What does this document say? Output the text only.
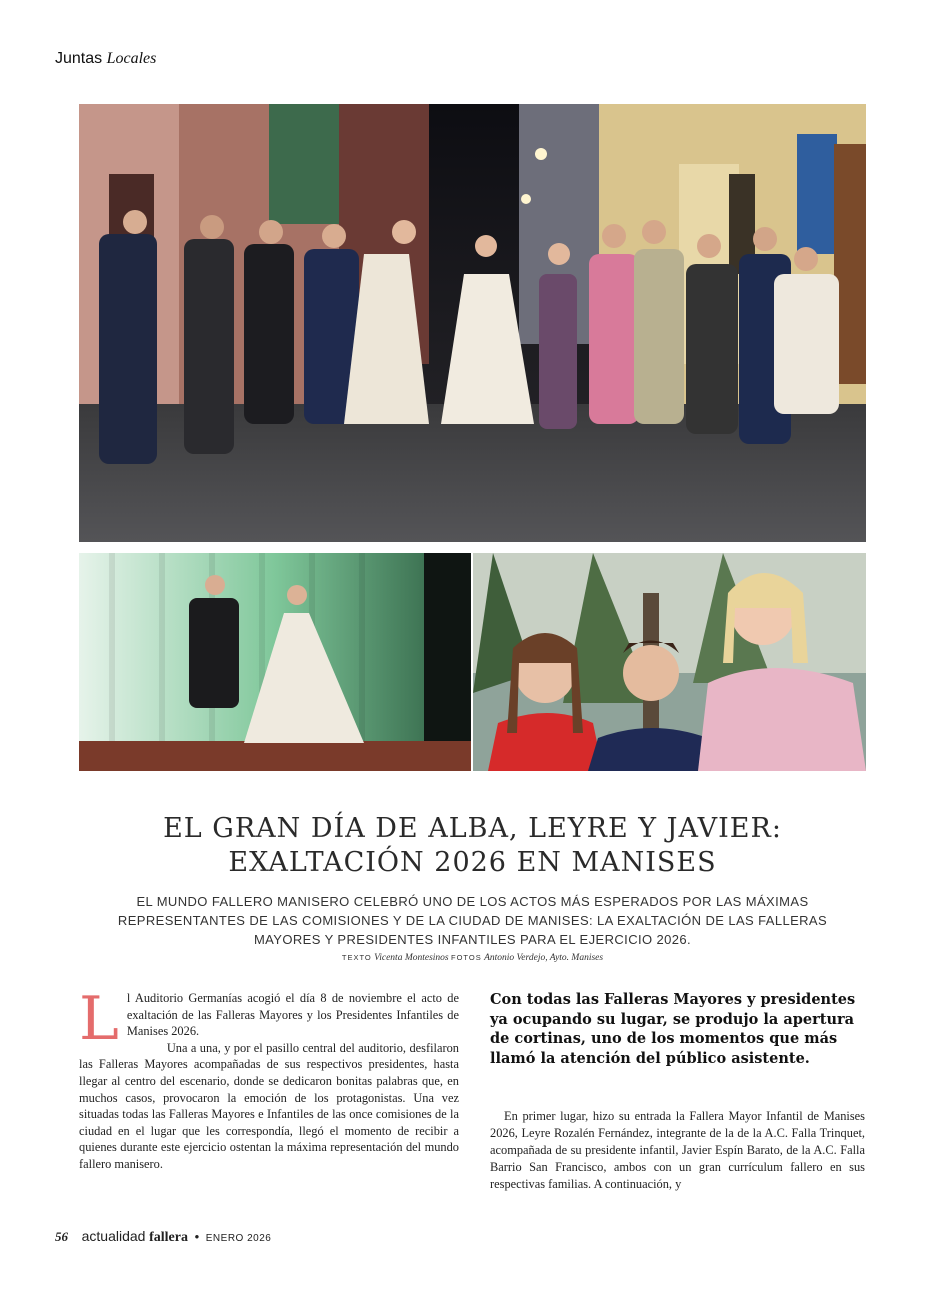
Juntas Locales
EL GRAN DÍA DE ALBA, LEYRE Y JAVIER:
EXALTACIÓN 2026 EN MANISES
EL MUNDO FALLERO MANISERO CELEBRÓ UNO DE LOS ACTOS MÁS ESPERADOS POR LAS MÁXIMAS REPRESENTANTES DE LAS COMISIONES Y DE LA CIUDAD DE MANISES: LA EXALTACIÓN DE LAS FALLERAS MAYORES Y PRESIDENTES INFANTILES PARA EL EJERCICIO 2026.
TEXTO Vicenta Montesinos FOTOS Antonio Verdejo, Ayto. Manises
L l Auditorio Germanías acogió el día 8 de noviembre el acto de exaltación de las Falleras Mayores y los Presidentes Infantiles de Manises 2026.

Una a una, y por el pasillo central del auditorio, desfilaron las Falleras Mayores acompañadas de sus respectivos presidentes, hasta llegar al centro del escenario, donde se dedicaron bonitas palabras que, en muchos casos, provocaron la emoción de los protagonistas. Una vez situadas todas las Falleras Mayores e Infantiles de las once comisiones de la ciudad en el lugar que les correspondía, llegó el momento de recibir a quienes durante este ejercicio ostentan la máxima representación del mundo fallero manisero.

Con todas las Falleras Mayores y presidentes ya ocupando su lugar, se produjo la apertura de cortinas, uno de los momentos que más llamó la atención del público asistente.

En primer lugar, hizo su entrada la Fallera Mayor Infantil de Manises 2026, Leyre Rozalén Fernández, integrante de la de la A.C. Falla Trinquet, acompañada de su presidente infantil, Javier Espín Barato, de la A.C. Falla Barrio San Francisco, ambos con un gran currículum fallero en sus respectivas familias. A continuación, y

56 actualidad fallera • ENERO 2026
